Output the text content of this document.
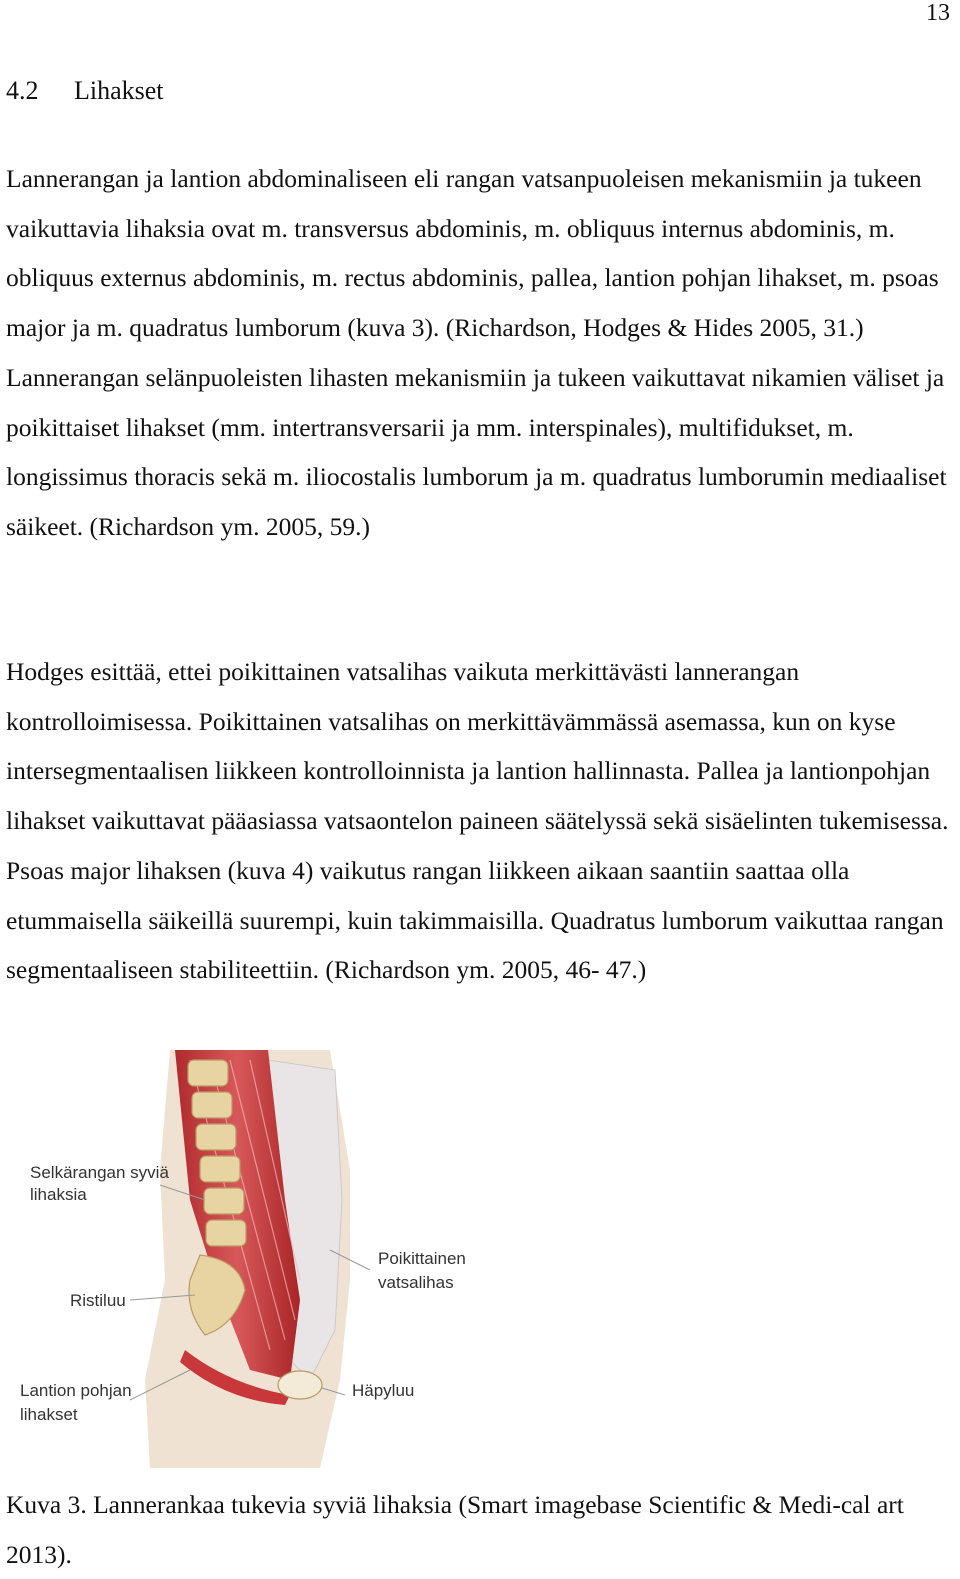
13
4.2 Lihakset

Lannerangan ja lantion abdominaliseen eli rangan vatsanpuoleisen mekanismiin ja tukeen vaikuttavia lihaksia ovat m. transversus abdominis, m. obliquus internus abdominis, m. obliquus externus abdominis, m. rectus abdominis, pallea, lantion pohjan lihakset, m. psoas major ja m. quadratus lumborum (kuva 3). (Richardson, Hodges & Hides 2005, 31.) Lannerangan selänpuoleisten lihasten mekanismiin ja tukeen vaikuttavat nikamien väliset ja poikittaiset lihakset (mm. intertransversarii ja mm. interspinales), multifidukset, m. longissimus thoracis sekä m. iliocostalis lumborum ja m. quadratus lumborumin mediaaliset säikeet. (Richardson ym. 2005, 59.)

Hodges esittää, ettei poikittainen vatsalihas vaikuta merkittävästi lannerangan kontrolloimisessa. Poikittainen vatsalihas on merkittävämmässä asemassa, kun on kyse intersegmentaalisen liikkeen kontrolloinnista ja lantion hallinnasta. Pallea ja lantionpohjan lihakset vaikuttavat pääasiassa vatsaontelon paineen säätelyssä sekä sisäelinten tukemisessa. Psoas major lihaksen (kuva 4) vaikutus rangan liikkeen aikaan saantiin saattaa olla etummaisella säikeillä suurempi, kuin takimmaisilla. Quadratus lumborum vaikuttaa rangan segmentaaliseen stabiliteettiin. (Richardson ym. 2005, 46- 47.)

Selkärangan syviä
lihaksia
Poikittainen
vatsalihas
Ristiluu
Lantion pohjan
lihakset
Häpyluu

Kuva 3. Lannerankaa tukevia syviä lihaksia (Smart imagebase Scientific & Medi-cal art 2013).
